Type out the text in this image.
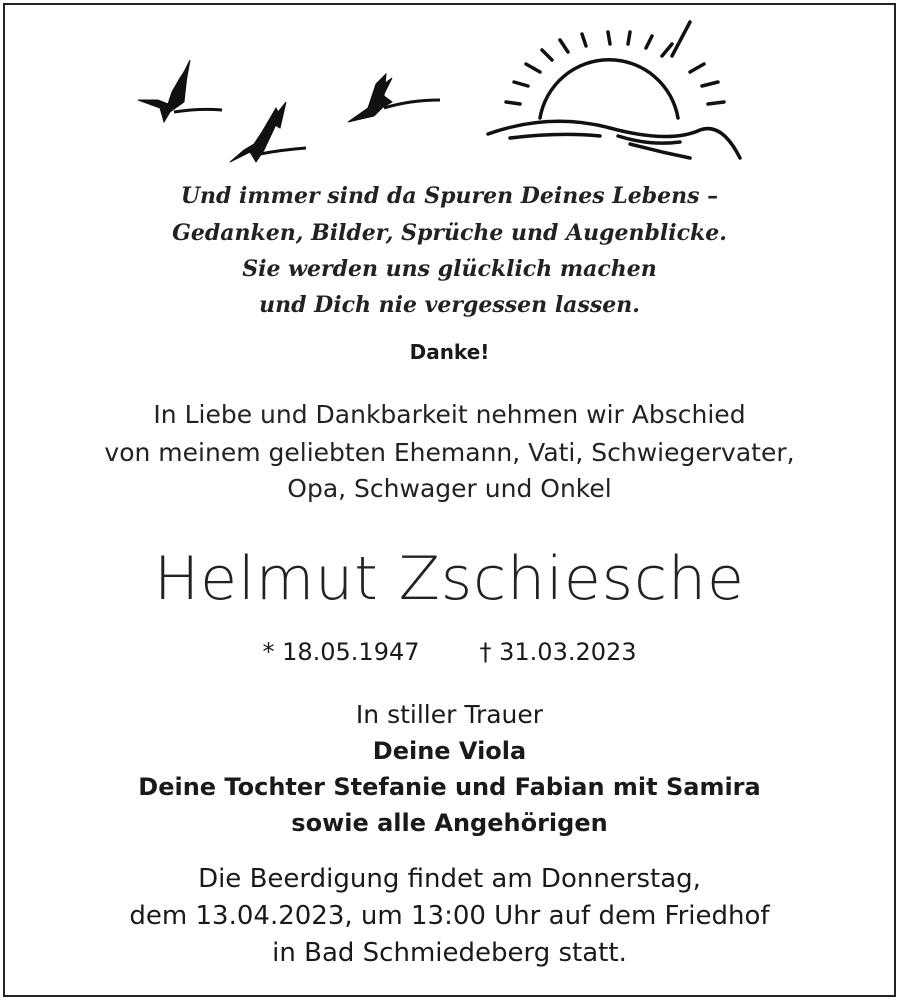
Und immer sind da Spuren Deines Lebens –
Gedanken, Bilder, Sprüche und Augenblicke.
Sie werden uns glücklich machen
und Dich nie vergessen lassen.
Danke!
In Liebe und Dankbarkeit nehmen wir Abschied
von meinem geliebten Ehemann, Vati, Schwiegervater,
Opa, Schwager und Onkel
Helmut Zschiesche
* 18.05.1947	† 31.03.2023
In stiller Trauer
Deine Viola
Deine Tochter Stefanie und Fabian mit Samira
sowie alle Angehörigen
Die Beerdigung findet am Donnerstag,
dem 13.04.2023, um 13:00 Uhr auf dem Friedhof
in Bad Schmiedeberg statt.
